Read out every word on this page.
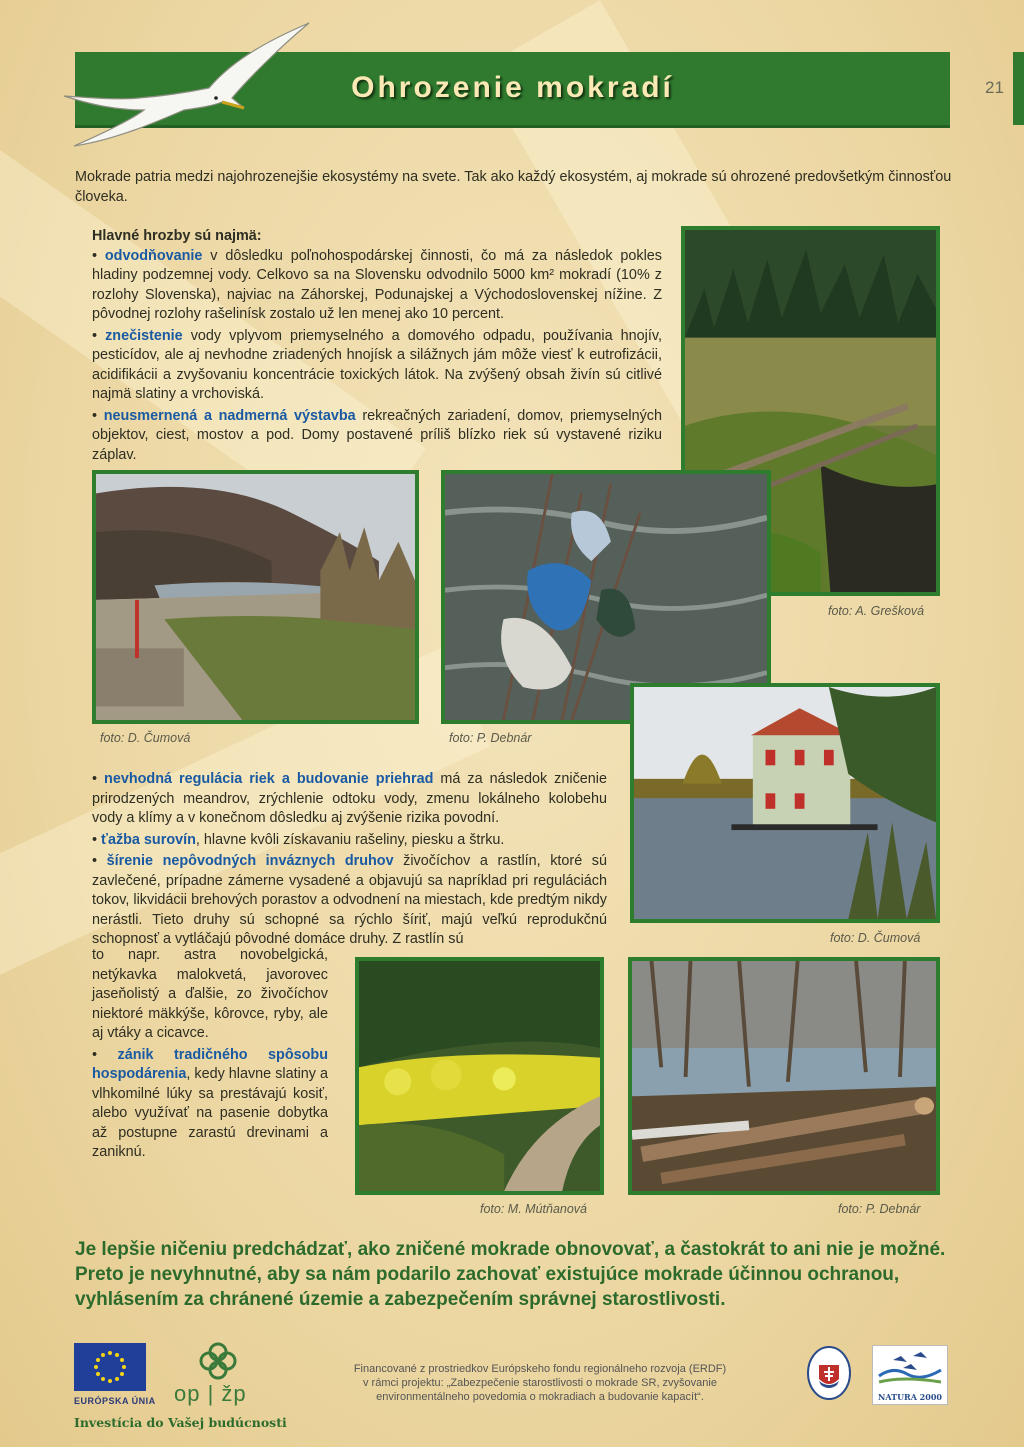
Ohrozenie mokradí	21
Mokrade patria medzi najohrozenejšie ekosystémy na svete. Tak ako každý ekosystém, aj mokrade sú ohrozené predovšetkým činnosťou človeka.
Hlavné hrozby sú najmä:
• odvodňovanie v dôsledku poľnohospodárskej činnosti, čo má za následok pokles hladiny podzemnej vody. Celkovo sa na Slovensku odvodnilo 5000 km² mokradí (10% z rozlohy Slovenska), najviac na Záhorskej, Podunajskej a Východoslovenskej nížine. Z pôvodnej rozlohy rašelinísk zostalo už len menej ako 10 percent.
• znečistenie vody vplyvom priemyselného a domového odpadu, používania hnojív, pesticídov, ale aj nevhodne zriadených hnojísk a silážnych jám môže viesť k eutrofizácii, acidifikácii a zvyšovaniu koncentrácie toxických látok. Na zvýšený obsah živín sú citlivé najmä slatiny a vrchoviská.
• neusmernená a nadmerná výstavba rekreačných zariadení, domov, priemyselných objektov, ciest, mostov a pod. Domy postavené príliš blízko riek sú vystavené riziku záplav.
• nevhodná regulácia riek a budovanie priehrad má za následok zničenie prirodzených meandrov, zrýchlenie odtoku vody, zmenu lokálneho kolobehu vody a klímy a v konečnom dôsledku aj zvýšenie rizika povodní.
• ťažba surovín, hlavne kvôli získavaniu rašeliny, piesku a štrku.
• šírenie nepôvodných inváznych druhov živočíchov a rastlín, ktoré sú zavlečené, prípadne zámerne vysadené a objavujú sa napríklad pri reguláciách tokov, likvidácii brehových porastov a odvodnení na miestach, kde predtým nikdy nerástli. Tieto druhy sú schopné sa rýchlo šíriť, majú veľkú reprodukčnú schopnosť a vytláčajú pôvodné domáce druhy. Z rastlín sú
to napr. astra novobelgická, netýkavka malokvetá, javorovec jaseňolistý a ďalšie, zo živočíchov niektoré mäkkýše, kôrovce, ryby, ale aj vtáky a cicavce.
• zánik tradičného spôsobu hospodárenia, kedy hlavne slatiny a vlhkomilné lúky sa prestávajú kosiť, alebo využívať na pasenie dobytka až postupne zarastú drevinami a zaniknú.
foto: A. Grešková
foto: D. Čumová	foto: P. Debnár
foto: D. Čumová
foto: M. Mútňanová	foto: P. Debnár
Je lepšie ničeniu predchádzať, ako zničené mokrade obnovovať, a častokrát to ani nie je možné. Preto je nevyhnutné, aby sa nám podarilo zachovať existujúce mokrade účinnou ochranou, vyhlásením za chránené územie a zabezpečením správnej starostlivosti.
EURÓPSKA ÚNIA
Investícia do Vašej budúcnosti
op | žp
Financované z prostriedkov Európskeho fondu regionálneho rozvoja (ERDF)
v rámci projektu: „Zabezpečenie starostlivosti o mokrade SR, zvyšovanie
environmentálneho povedomia o mokradiach a budovanie kapacít“.	NATURA 2000
